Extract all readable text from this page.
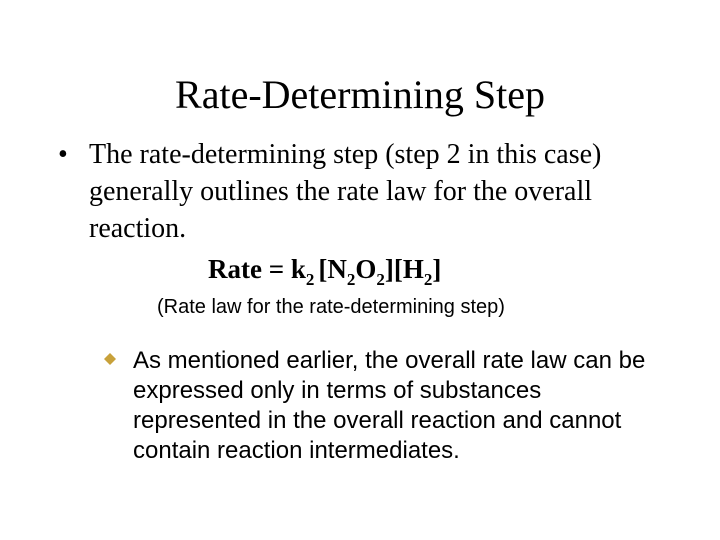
Rate-Determining Step
• The rate-determining step (step 2 in this case) generally outlines the rate law for the overall reaction.
Rate = $k_2$ $[N_2O_2][H_2]$
(Rate law for the rate-determining step)
As mentioned earlier, the overall rate law can be expressed only in terms of substances represented in the overall reaction and cannot contain reaction intermediates.
